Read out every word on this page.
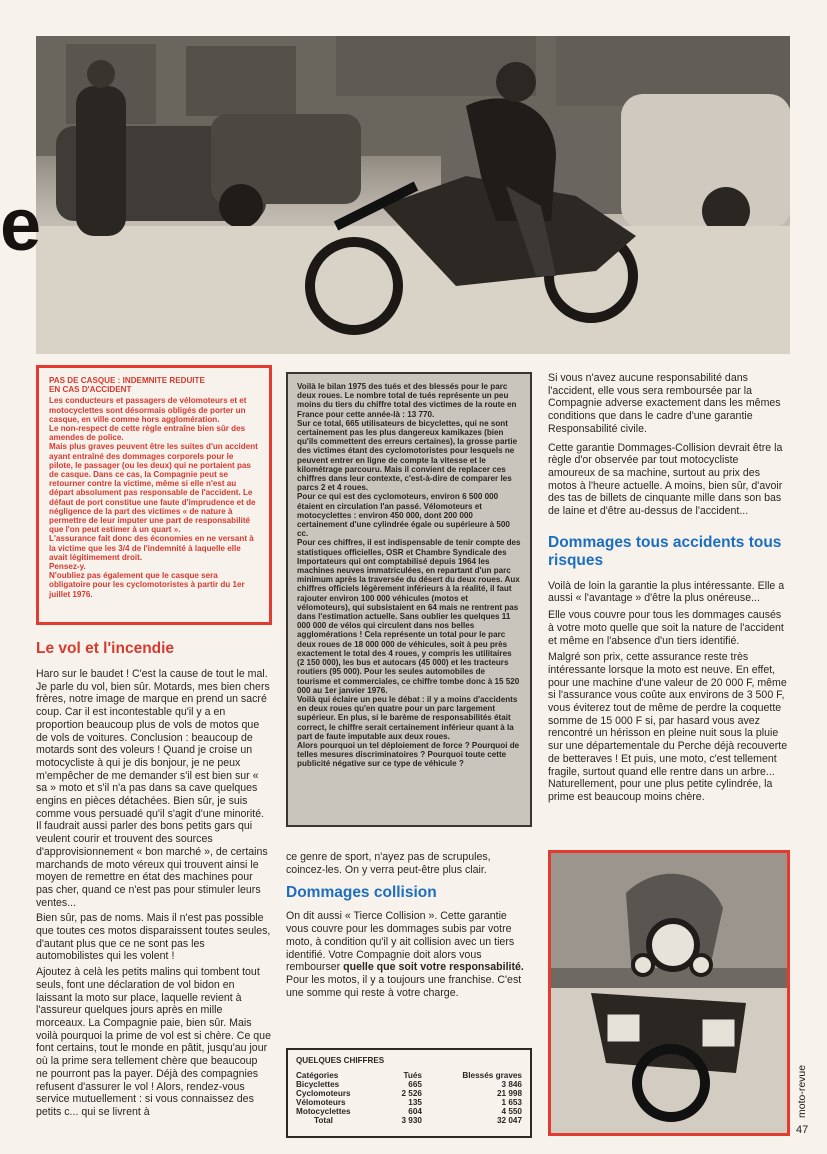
e
PAS DE CASQUE : INDEMNITE REDUITE
EN CAS D'ACCIDENT
Les conducteurs et passagers de vélomoteurs et et motocyclettes sont désormais obligés de porter un casque, en ville comme hors agglomération.
Le non-respect de cette règle entraîne bien sûr des amendes de police.
Mais plus graves peuvent être les suites d'un accident ayant entraîné des dommages corporels pour le pilote, le passager (ou les deux) qui ne portaient pas de casque. Dans ce cas, la Compagnie peut se retourner contre la victime, même si elle n'est au départ absolument pas responsable de l'accident. Le défaut de port constitue une faute d'imprudence et de négligence de la part des victimes « de nature à permettre de leur imputer une part de responsabilité que l'on peut estimer à un quart ».
L'assurance fait donc des économies en ne versant à la victime que les 3/4 de l'indemnité à laquelle elle avait légitimement droit.
Pensez-y.
N'oubliez pas également que le casque sera obligatoire pour les cyclomotoristes à partir du 1er juillet 1976.
Voilà le bilan 1975 des tués et des blessés pour le parc deux roues. Le nombre total de tués représente un peu moins du tiers du chiffre total des victimes de la route en France pour cette année-là : 13 770.
Sur ce total, 665 utilisateurs de bicyclettes, qui ne sont certainement pas les plus dangereux kamikazes (bien qu'ils commettent des erreurs certaines), la grosse partie des victimes étant des cyclomotoristes pour lesquels ne peuvent entrer en ligne de compte la vitesse et le kilométrage parcouru. Mais il convient de replacer ces chiffres dans leur contexte, c'est-à-dire de comparer les parcs 2 et 4 roues.
Pour ce qui est des cyclomoteurs, environ 6 500 000 étaient en circulation l'an passé. Vélomoteurs et motocyclettes : environ 450 000, dont 200 000 certainement d'une cylindrée égale ou supérieure à 500 cc.
Pour ces chiffres, il est indispensable de tenir compte des statistiques officielles, OSR et Chambre Syndicale des Importateurs qui ont comptabilisé depuis 1964 les machines neuves immatriculées, en repartant d'un parc minimum après la traversée du désert du deux roues. Aux chiffres officiels légèrement inférieurs à la réalité, il faut rajouter environ 100 000 véhicules (motos et vélomoteurs), qui subsistaient en 64 mais ne rentrent pas dans l'estimation actuelle. Sans oublier les quelques 11 000 000 de vélos qui circulent dans nos belles agglomérations ! Cela représente un total pour le parc deux roues de 18 000 000 de véhicules, soit à peu près exactement le total des 4 roues, y compris les utilitaires (2 150 000), les bus et autocars (45 000) et les tracteurs routiers (95 000). Pour les seules automobiles de tourisme et commerciales, ce chiffre tombe donc à 15 520 000 au 1er janvier 1976.
Voilà qui éclaire un peu le débat : il y a moins d'accidents en deux roues qu'en quatre pour un parc largement supérieur. En plus, si le barème de responsabilités était correct, le chiffre serait certainement inférieur quant à la part de faute imputable aux deux roues.
Alors pourquoi un tel déploiement de force ? Pourquoi de telles mesures discriminatoires ? Pourquoi toute cette publicité négative sur ce type de véhicule ?
Le vol et l'incendie

Haro sur le baudet ! C'est la cause de tout le mal. Je parle du vol, bien sûr. Motards, mes bien chers frères, notre image de marque en prend un sacré coup. Car il est incontestable qu'il y a en proportion beaucoup plus de vols de motos que de vols de voitures. Conclusion : beaucoup de motards sont des voleurs ! Quand je croise un motocycliste à qui je dis bonjour, je ne peux m'empêcher de me demander s'il est bien sur « sa » moto et s'il n'a pas dans sa cave quelques engins en pièces détachées. Bien sûr, je suis comme vous persuadé qu'il s'agit d'une minorité. Il faudrait aussi parler des bons petits gars qui veulent courir et trouvent des sources d'approvisionnement « bon marché », de certains marchands de moto véreux qui trouvent ainsi le moyen de remettre en état des machines pour pas cher, quand ce n'est pas pour stimuler leurs ventes...

Bien sûr, pas de noms. Mais il n'est pas possible que toutes ces motos disparaissent toutes seules, d'autant plus que ce ne sont pas les automobilistes qui les volent !

Ajoutez à celà les petits malins qui tombent tout seuls, font une déclaration de vol bidon en laissant la moto sur place, laquelle revient à l'assureur quelques jours après en mille morceaux. La Compagnie paie, bien sûr. Mais voilà pourquoi la prime de vol est si chère. Ce que font certains, tout le monde en pâtit, jusqu'au jour où la prime sera tellement chère que beaucoup ne pourront pas la payer. Déjà des compagnies refusent d'assurer le vol ! Alors, rendez-vous service mutuellement : si vous connaissez des petits c... qui se livrent à

ce genre de sport, n'ayez pas de scrupules, coincez-les. On y verra peut-être plus clair.

Dommages collision

On dit aussi « Tierce Collision ». Cette garantie vous couvre pour les dommages subis par votre moto, à condition qu'il y ait collision avec un tiers identifié. Votre Compagnie doit alors vous rembourser quelle que soit votre responsabilité. Pour les motos, il y a toujours une franchise. C'est une somme qui reste à votre charge.

QUELQUES CHIFFRES
Catégories	Tués	Blessés graves
Bicyclettes	665	3 846
Cyclomoteurs	2 526	21 998
Vélomoteurs	135	1 653
Motocyclettes	604	4 550
Total	3 930	32 047

Si vous n'avez aucune responsabilité dans l'accident, elle vous sera remboursée par la Compagnie adverse exactement dans les mêmes conditions que dans le cadre d'une garantie Responsabilité civile.

Cette garantie Dommages-Collision devrait être la règle d'or observée par tout motocycliste amoureux de sa machine, surtout au prix des motos à l'heure actuelle. A moins, bien sûr, d'avoir des tas de billets de cinquante mille dans son bas de laine et d'être au-dessus de l'accident...

Dommages tous accidents tous risques

Voilà de loin la garantie la plus intéressante. Elle a aussi « l'avantage » d'être la plus onéreuse...

Elle vous couvre pour tous les dommages causés à votre moto quelle que soit la nature de l'accident et même en l'absence d'un tiers identifié.

Malgré son prix, cette assurance reste très intéressante lorsque la moto est neuve. En effet, pour une machine d'une valeur de 20 000 F, même si l'assurance vous coûte aux environs de 3 500 F, vous éviterez tout de même de perdre la coquette somme de 15 000 F si, par hasard vous avez rencontré un hérisson en pleine nuit sous la pluie sur une départementale du Perche déjà recouverte de betteraves ! Et puis, une moto, c'est tellement fragile, surtout quand elle rentre dans un arbre... Naturellement, pour une plus petite cylindrée, la prime est beaucoup moins chère.

moto-revue
47
